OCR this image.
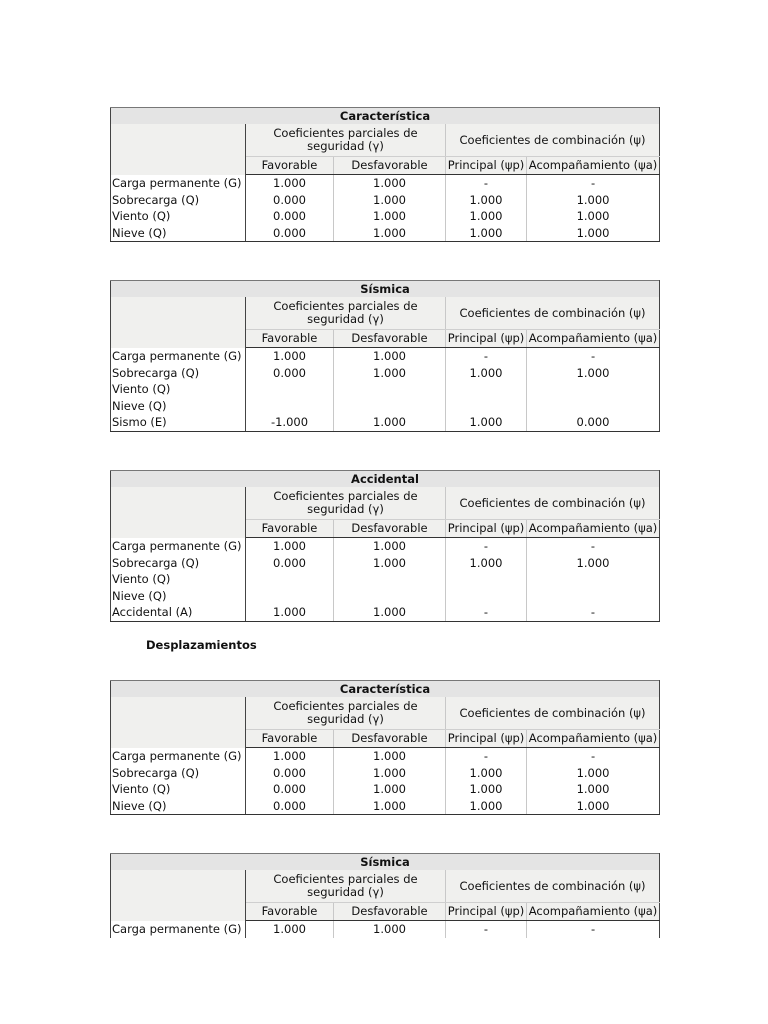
Característica				
	Coeficientes parciales de seguridad (γ)		Coeficientes de combinación (ψ)	
	Favorable	Desfavorable	Principal (ψp)	Acompañamiento (ψa)
Carga permanente (G)	1.000	1.000	-	-
Sobrecarga (Q)	0.000	1.000	1.000	1.000
Viento (Q)	0.000	1.000	1.000	1.000
Nieve (Q)	0.000	1.000	1.000	1.000
Sísmica				
	Coeficientes parciales de seguridad (γ)		Coeficientes de combinación (ψ)	
	Favorable	Desfavorable	Principal (ψp)	Acompañamiento (ψa)
Carga permanente (G)	1.000	1.000	-	-
Sobrecarga (Q)	0.000	1.000	1.000	1.000
Viento (Q)				
Nieve (Q)				
Sismo (E)	-1.000	1.000	1.000	0.000
Accidental				
	Coeficientes parciales de seguridad (γ)		Coeficientes de combinación (ψ)	
	Favorable	Desfavorable	Principal (ψp)	Acompañamiento (ψa)
Carga permanente (G)	1.000	1.000	-	-
Sobrecarga (Q)	0.000	1.000	1.000	1.000
Viento (Q)				
Nieve (Q)				
Accidental (A)	1.000	1.000	-	-
Desplazamientos
Característica				
	Coeficientes parciales de seguridad (γ)		Coeficientes de combinación (ψ)	
	Favorable	Desfavorable	Principal (ψp)	Acompañamiento (ψa)
Carga permanente (G)	1.000	1.000	-	-
Sobrecarga (Q)	0.000	1.000	1.000	1.000
Viento (Q)	0.000	1.000	1.000	1.000
Nieve (Q)	0.000	1.000	1.000	1.000
Sísmica				
	Coeficientes parciales de seguridad (γ)		Coeficientes de combinación (ψ)	
	Favorable	Desfavorable	Principal (ψp)	Acompañamiento (ψa)
Carga permanente (G)	1.000	1.000	-	-
